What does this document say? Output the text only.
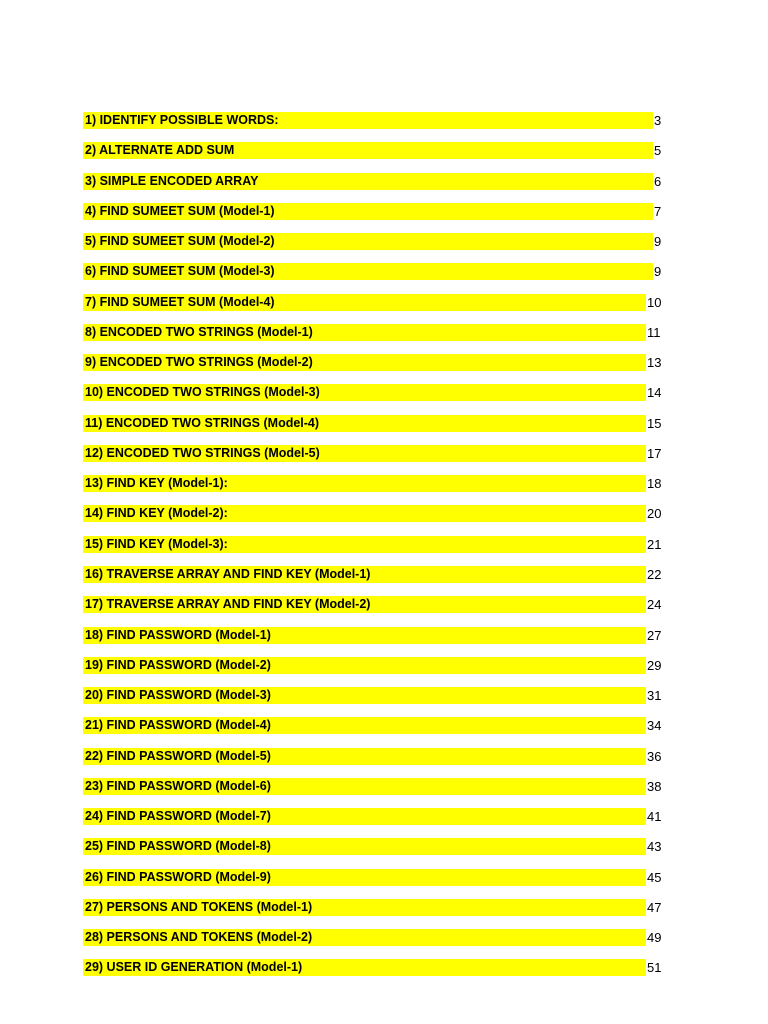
1) IDENTIFY POSSIBLE WORDS:	3
2) ALTERNATE ADD SUM	5
3) SIMPLE ENCODED ARRAY	6
4) FIND SUMEET SUM (Model-1)	7
5) FIND SUMEET SUM (Model-2)	9
6) FIND SUMEET SUM (Model-3)	9
7) FIND SUMEET SUM (Model-4)	10
8) ENCODED TWO STRINGS (Model-1)	11
9) ENCODED TWO STRINGS (Model-2)	13
10) ENCODED TWO STRINGS (Model-3)	14
11) ENCODED TWO STRINGS (Model-4)	15
12) ENCODED TWO STRINGS (Model-5)	17
13) FIND KEY (Model-1):	18
14) FIND KEY (Model-2):	20
15) FIND KEY (Model-3):	21
16) TRAVERSE ARRAY AND FIND KEY (Model-1)	22
17) TRAVERSE ARRAY AND FIND KEY (Model-2)	24
18) FIND PASSWORD (Model-1)	27
19) FIND PASSWORD (Model-2)	29
20) FIND PASSWORD (Model-3)	31
21) FIND PASSWORD (Model-4)	34
22) FIND PASSWORD (Model-5)	36
23) FIND PASSWORD (Model-6)	38
24) FIND PASSWORD (Model-7)	41
25) FIND PASSWORD (Model-8)	43
26) FIND PASSWORD (Model-9)	45
27) PERSONS AND TOKENS (Model-1)	47
28) PERSONS AND TOKENS (Model-2)	49
29) USER ID GENERATION (Model-1)	51
